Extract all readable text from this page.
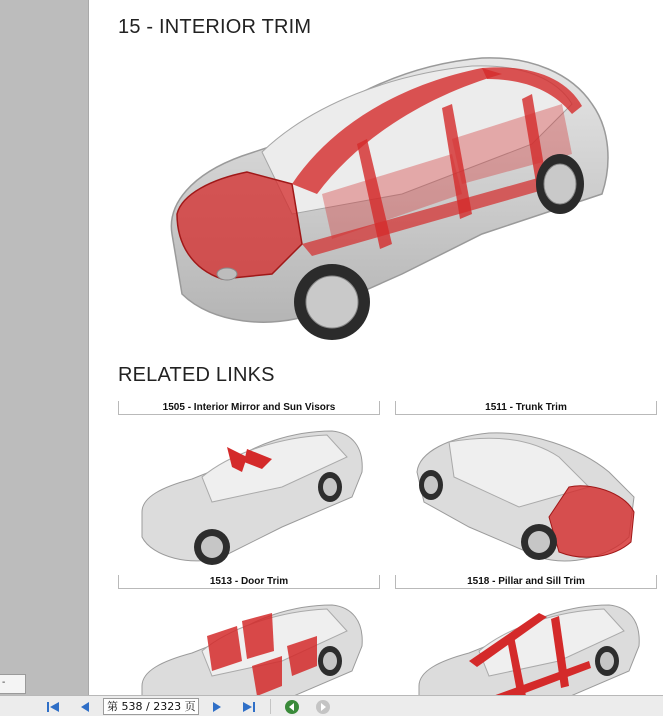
-
15 - INTERIOR TRIM
RELATED LINKS
1505 - Interior Mirror and Sun Visors	1511 - Trunk Trim
1513 - Door Trim	1518 - Pillar and Sill Trim
第 538 / 2323 页
